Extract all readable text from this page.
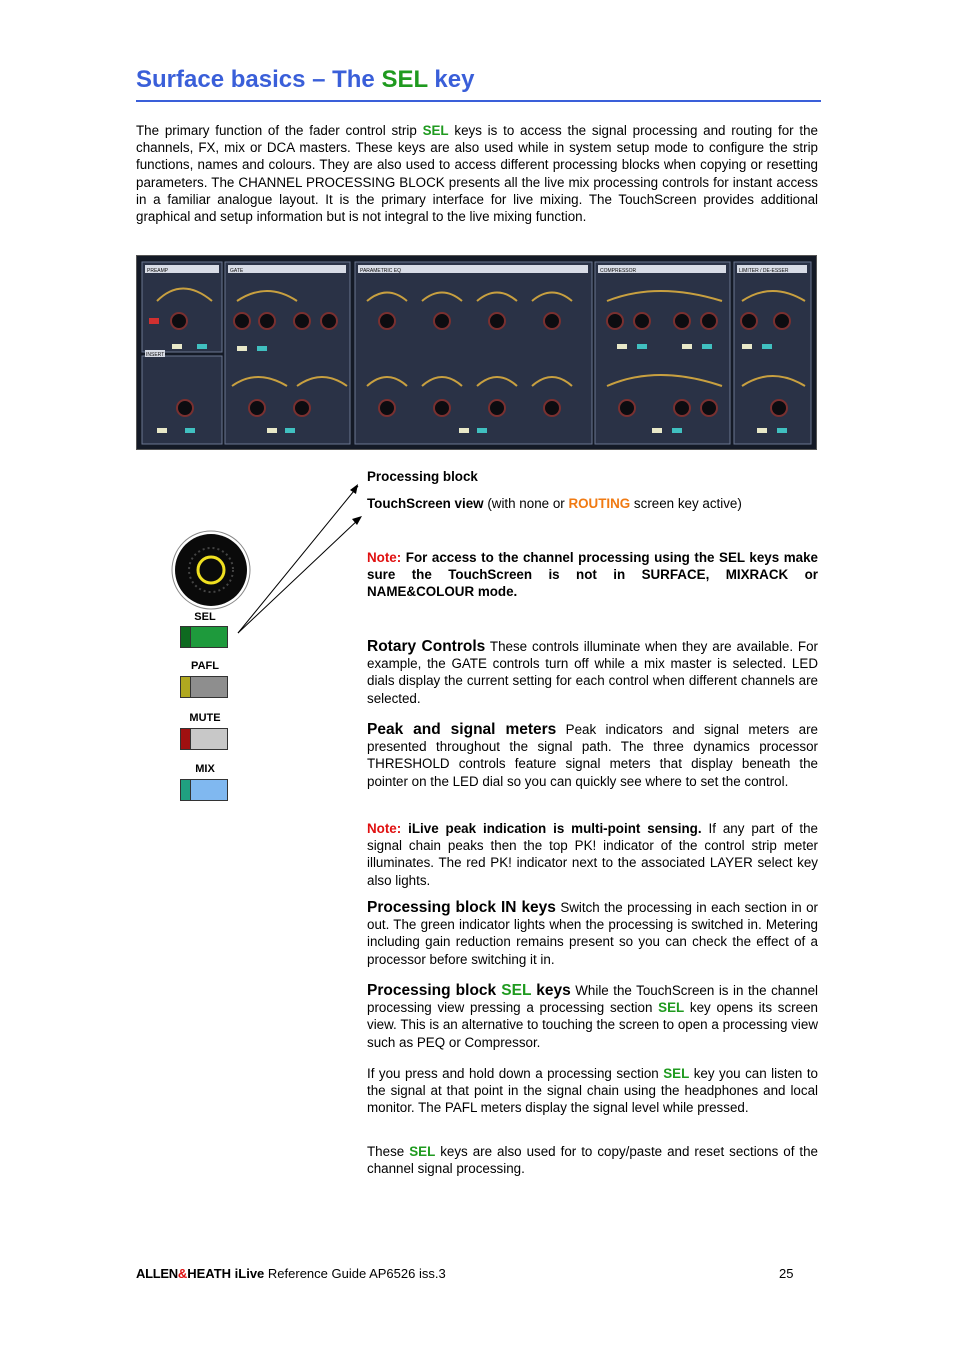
Surface basics – The SEL key
The primary function of the fader control strip SEL keys is to access the signal processing and routing for the channels, FX, mix or DCA masters. These keys are also used while in system setup mode to configure the strip functions, names and colours. They are also used to access different processing blocks when copying or resetting parameters. The CHANNEL PROCESSING BLOCK presents all the live mix processing controls for instant access in a familiar analogue layout. It is the primary interface for live mixing. The TouchScreen provides additional graphical and setup information but is not integral to the live mixing function.
PREAMP	GATE	PARAMETRIC EQ	COMPRESSOR	LIMITER / DE-ESSER
INSERT
Processing block
TouchScreen view (with none or ROUTING screen key active)
SEL
PAFL
MUTE
MIX
Note: For access to the channel processing using the SEL keys make sure the TouchScreen is not in SURFACE, MIXRACK or NAME&COLOUR mode.
Rotary Controls These controls illuminate when they are available. For example, the GATE controls turn off while a mix master is selected. LED dials display the current setting for each control when different channels are selected.
Peak and signal meters Peak indicators and signal meters are presented throughout the signal path. The three dynamics processor THRESHOLD controls feature signal meters that display beneath the pointer on the LED dial so you can quickly see where to set the control.
Note: iLive peak indication is multi-point sensing. If any part of the signal chain peaks then the top PK! indicator of the control strip meter illuminates. The red PK! indicator next to the associated LAYER select key also lights.
Processing block IN keys Switch the processing in each section in or out. The green indicator lights when the processing is switched in. Metering including gain reduction remains present so you can check the effect of a processor before switching it in.
Processing block SEL keys While the TouchScreen is in the channel processing view pressing a processing section SEL key opens its screen view. This is an alternative to touching the screen to open a processing view such as PEQ or Compressor.
If you press and hold down a processing section SEL key you can listen to the signal at that point in the signal chain using the headphones and local monitor. The PAFL meters display the signal level while pressed.
These SEL keys are also used for to copy/paste and reset sections of the channel signal processing.
ALLEN&HEATH iLive Reference Guide AP6526 iss.3	25
